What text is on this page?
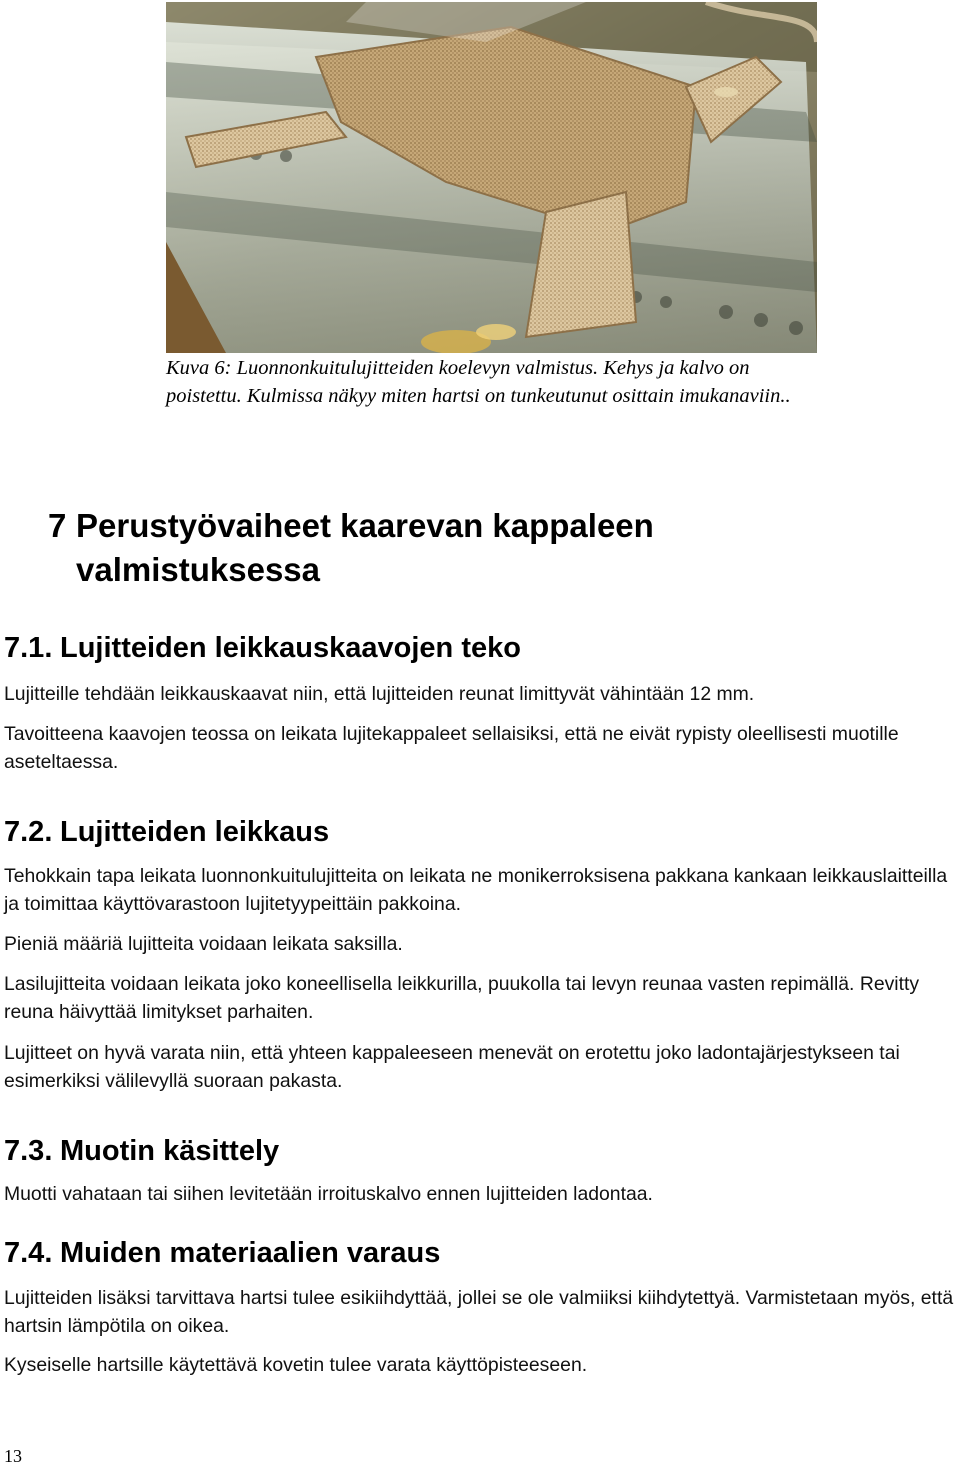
Kuva 6: Luonnonkuitulujitteiden koelevyn valmistus. Kehys ja kalvo on poistettu. Kulmissa näkyy miten hartsi on tunkeutunut osittain imukanaviin..

7 Perustyövaiheet kaarevan kappaleen valmistuksessa
7.1. Lujitteiden leikkauskaavojen teko

Lujitteille tehdään leikkauskaavat niin, että lujitteiden reunat limittyvät vähintään 12 mm.

Tavoitteena kaavojen teossa on leikata lujitekappaleet sellaisiksi, että ne eivät rypisty oleellisesti muotille aseteltaessa.

7.2. Lujitteiden leikkaus

Tehokkain tapa leikata luonnonkuitulujitteita on leikata ne monikerroksisena pakkana kankaan leikkauslaitteilla ja toimittaa käyttövarastoon lujitetyypeittäin pakkoina.

Pieniä määriä lujitteita voidaan leikata saksilla.

Lasilujitteita voidaan leikata joko koneellisella leikkurilla, puukolla tai levyn reunaa vasten repimällä. Revitty reuna häivyttää limitykset parhaiten.

Lujitteet on hyvä varata niin, että yhteen kappaleeseen menevät on erotettu joko ladontajärjestykseen tai esimerkiksi välilevyllä suoraan pakasta.

7.3. Muotin käsittely

Muotti vahataan tai siihen levitetään irroituskalvo ennen lujitteiden ladontaa.

7.4. Muiden materiaalien varaus

Lujitteiden lisäksi tarvittava hartsi tulee esikiihdyttää, jollei se ole valmiiksi kiihdytettyä. Varmistetaan myös, että hartsin lämpötila on oikea.

Kyseiselle hartsille käytettävä kovetin tulee varata käyttöpisteeseen.

13
